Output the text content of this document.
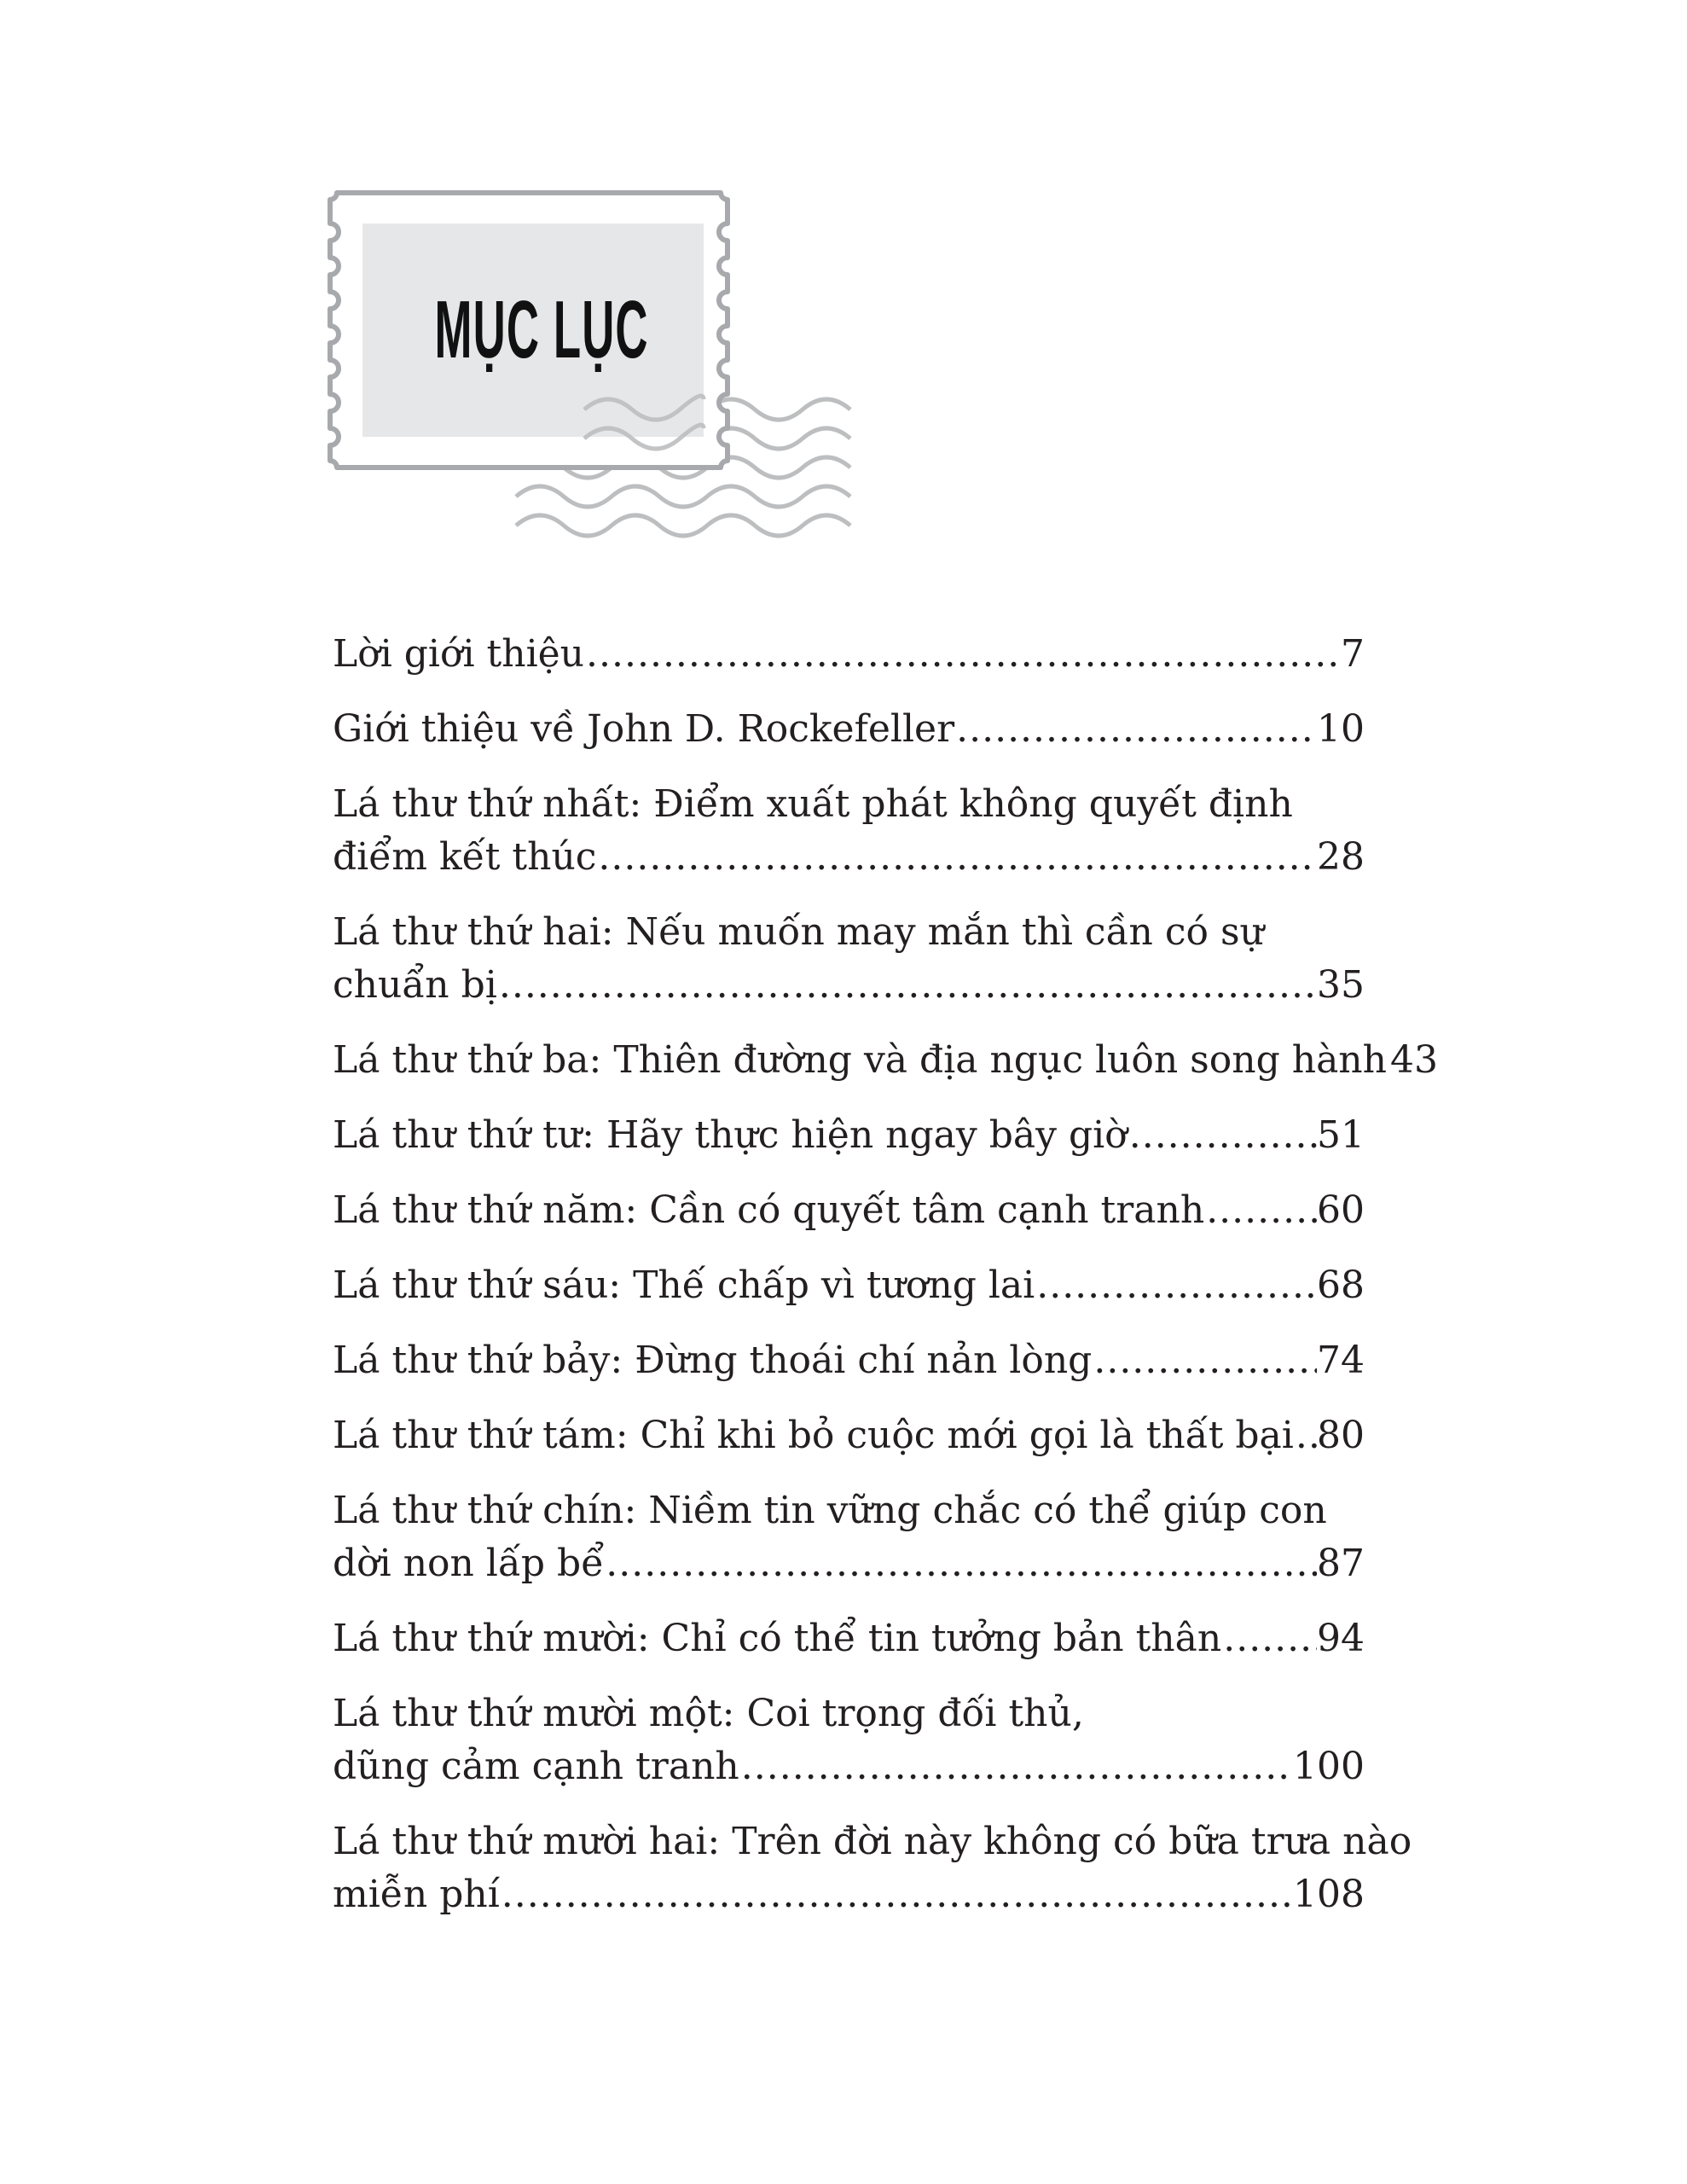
MỤC LỤC
Lời giới thiệu .....	7
Giới thiệu về John D. Rockefeller .....	10
Lá thư thứ nhất: Điểm xuất phát không quyết định
điểm kết thúc .....	28
Lá thư thứ hai: Nếu muốn may mắn thì cần có sự
chuẩn bị .....	35
Lá thư thứ ba: Thiên đường và địa ngục luôn song hành ..... 43
Lá thư thứ tư: Hãy thực hiện ngay bây giờ .....	51
Lá thư thứ năm: Cần có quyết tâm cạnh tranh .....	60
Lá thư thứ sáu: Thế chấp vì tương lai .....	68
Lá thư thứ bảy: Đừng thoái chí nản lòng .....	74
Lá thư thứ tám: Chỉ khi bỏ cuộc mới gọi là thất bại ..... 80
Lá thư thứ chín: Niềm tin vững chắc có thể giúp con
dời non lấp bể .....	87
Lá thư thứ mười: Chỉ có thể tin tưởng bản thân .....	94
Lá thư thứ mười một: Coi trọng đối thủ,
dũng cảm cạnh tranh .....	100
Lá thư thứ mười hai: Trên đời này không có bữa trưa nào
miễn phí .....	108
